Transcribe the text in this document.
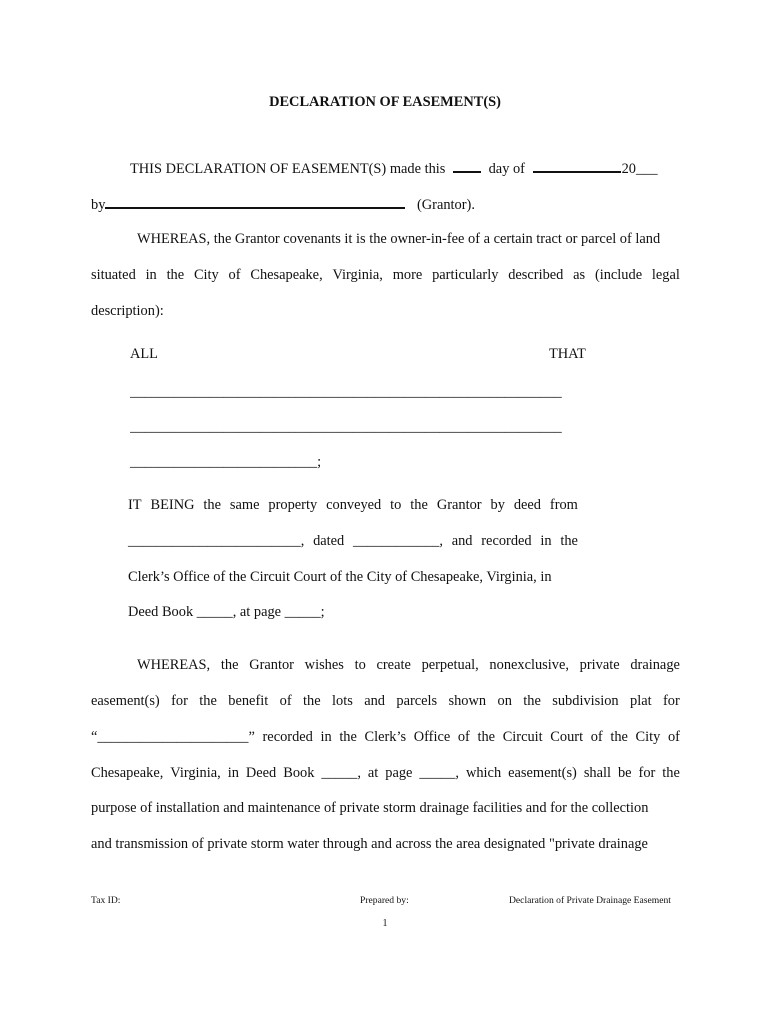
DECLARATION OF EASEMENT(S)
THIS DECLARATION OF EASEMENT(S) made this	day of	20___
by	(Grantor).
WHEREAS, the Grantor covenants it is the owner-in-fee of a certain tract or parcel of land
situated in the City of Chesapeake, Virginia, more particularly described as (include legal
description):
ALL	THAT
____________________________________________________________
____________________________________________________________
__________________________;
IT BEING the same property conveyed to the Grantor by deed from
________________________, dated ____________, and recorded in the
Clerk’s Office of the Circuit Court of the City of Chesapeake, Virginia, in
Deed Book _____, at page _____;
WHEREAS, the Grantor wishes to create perpetual, nonexclusive, private drainage
easement(s) for the benefit of the lots and parcels shown on the subdivision plat for
“_____________________” recorded in the Clerk’s Office of the Circuit Court of the City of
Chesapeake, Virginia, in Deed Book _____, at page _____, which easement(s) shall be for the
purpose of installation and maintenance of private storm drainage facilities and for the collection
and transmission of private storm water through and across the area designated "private drainage
Tax ID:	Prepared by:	Declaration of Private Drainage Easement
1
